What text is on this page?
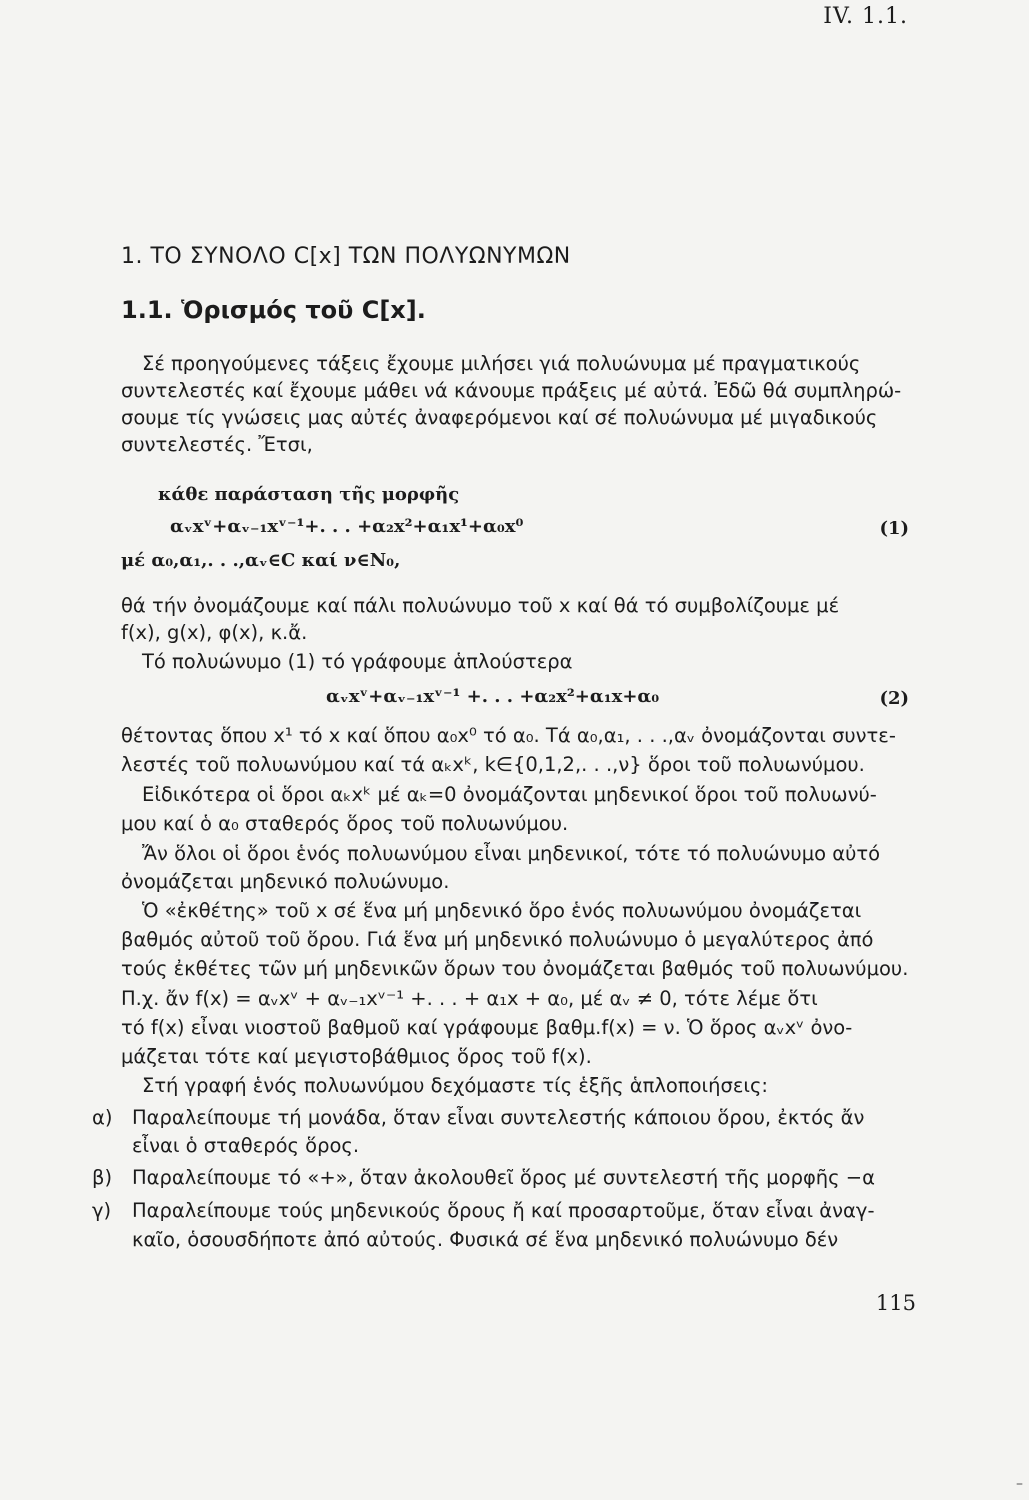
IV. 1.1.
1. ΤΟ ΣΥΝΟΛΟ C[x] ΤΩΝ ΠΟΛΥΩΝΥΜΩΝ
1.1. Ὁρισμός τοῦ C[x].
Σέ προηγούμενες τάξεις ἔχουμε μιλήσει γιά πολυώνυμα μέ πραγματικούς
συντελεστές καί ἔχουμε μάθει νά κάνουμε πράξεις μέ αὐτά. Ἐδῶ θά συμπληρώ-
σουμε τίς γνώσεις μας αὐτές ἀναφερόμενοι καί σέ πολυώνυμα μέ μιγαδικούς
συντελεστές. Ἔτσι,
κάθε παράσταση τῆς μορφῆς
αᵥxᵛ+αᵥ₋₁xᵛ⁻¹+. . . +α₂x²+α₁x¹+α₀x⁰	(1)
μέ α₀,α₁,. . .,αᵥ∈C καί ν∈N₀,
θά τήν ὀνομάζουμε καί πάλι πολυώνυμο τοῦ x καί θά τό συμβολίζουμε μέ
f(x), g(x), φ(x), κ.ἄ.
Τό πολυώνυμο (1) τό γράφουμε ἁπλούστερα
αᵥxᵛ+αᵥ₋₁xᵛ⁻¹ +. . . +α₂x²+α₁x+α₀	(2)
θέτοντας ὅπου x¹ τό x καί ὅπου α₀x⁰ τό α₀. Τά α₀,α₁, . . .,αᵥ ὀνομάζονται συντε-
λεστές τοῦ πολυωνύμου καί τά αₖxᵏ, k∈{0,1,2,. . .,ν} ὅροι τοῦ πολυωνύμου.
Εἰδικότερα οἱ ὅροι αₖxᵏ μέ αₖ=0 ὀνομάζονται μηδενικοί ὅροι τοῦ πολυωνύ-
μου καί ὁ α₀ σταθερός ὅρος τοῦ πολυωνύμου.
Ἄν ὅλοι οἱ ὅροι ἑνός πολυωνύμου εἶναι μηδενικοί, τότε τό πολυώνυμο αὐτό
ὀνομάζεται μηδενικό πολυώνυμο.
Ὁ «ἐκθέτης» τοῦ x σέ ἕνα μή μηδενικό ὅρο ἑνός πολυωνύμου ὀνομάζεται
βαθμός αὐτοῦ τοῦ ὅρου. Γιά ἕνα μή μηδενικό πολυώνυμο ὁ μεγαλύτερος ἀπό
τούς ἐκθέτες τῶν μή μηδενικῶν ὅρων του ὀνομάζεται βαθμός τοῦ πολυωνύμου.
Π.χ. ἄν f(x) = αᵥxᵛ + αᵥ₋₁xᵛ⁻¹ +. . . + α₁x + α₀, μέ αᵥ ≠ 0, τότε λέμε ὅτι
τό f(x) εἶναι νιοστοῦ βαθμοῦ καί γράφουμε βαθμ.f(x) = ν. Ὁ ὅρος αᵥxᵛ ὀνο-
μάζεται τότε καί μεγιστοβάθμιος ὅρος τοῦ f(x).
Στή γραφή ἑνός πολυωνύμου δεχόμαστε τίς ἑξῆς ἁπλοποιήσεις:
α) Παραλείπουμε τή μονάδα, ὅταν εἶναι συντελεστής κάποιου ὅρου, ἐκτός ἄν
εἶναι ὁ σταθερός ὅρος.
β) Παραλείπουμε τό «+», ὅταν ἀκολουθεῖ ὅρος μέ συντελεστή τῆς μορφῆς −α
γ) Παραλείπουμε τούς μηδενικούς ὅρους ἤ καί προσαρτοῦμε, ὅταν εἶναι ἀναγ-
καῖο, ὁσουσδήποτε ἀπό αὐτούς. Φυσικά σέ ἕνα μηδενικό πολυώνυμο δέν
115
–
